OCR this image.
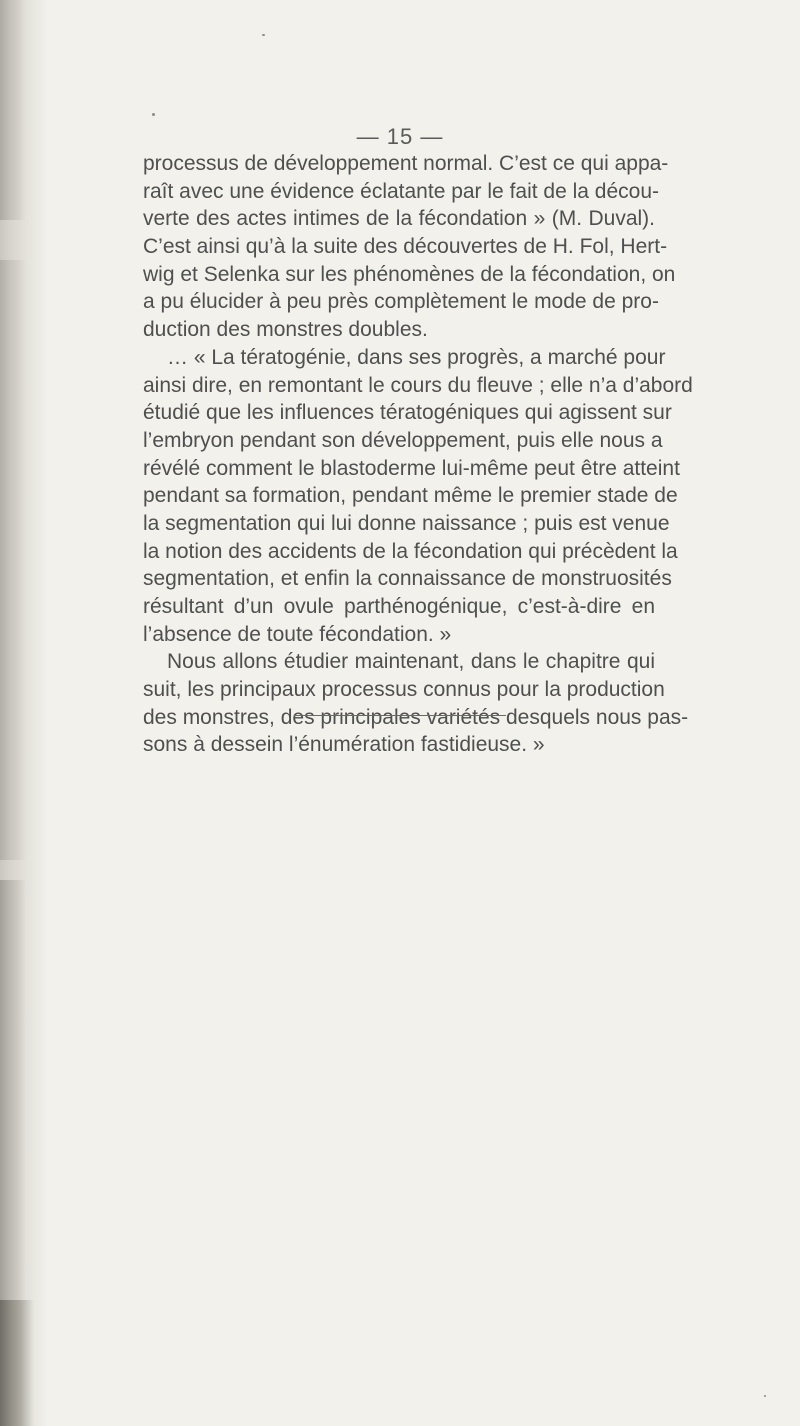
— 15 —
processus de développement normal. C’est ce qui appa-
raît avec une évidence éclatante par le fait de la décou-
verte des actes intimes de la fécondation » (M. Duval).
C’est ainsi qu’à la suite des découvertes de H. Fol, Hert-
wig et Selenka sur les phénomènes de la fécondation, on
a pu élucider à peu près complètement le mode de pro-
duction des monstres doubles.
… « La tératogénie, dans ses progrès, a marché pour
ainsi dire, en remontant le cours du fleuve ; elle n’a d’abord
étudié que les influences tératogéniques qui agissent sur
l’embryon pendant son développement, puis elle nous a
révélé comment le blastoderme lui-même peut être atteint
pendant sa formation, pendant même le premier stade de
la segmentation qui lui donne naissance ; puis est venue
la notion des accidents de la fécondation qui précèdent la
segmentation, et enfin la connaissance de monstruosités
résultant d’un ovule parthénogénique, c’est-à-dire en
l’absence de toute fécondation. »
Nous allons étudier maintenant, dans le chapitre qui
suit, les principaux processus connus pour la production
des monstres, des principales variétés desquels nous pas-
sons à dessein l’énumération fastidieuse. »
